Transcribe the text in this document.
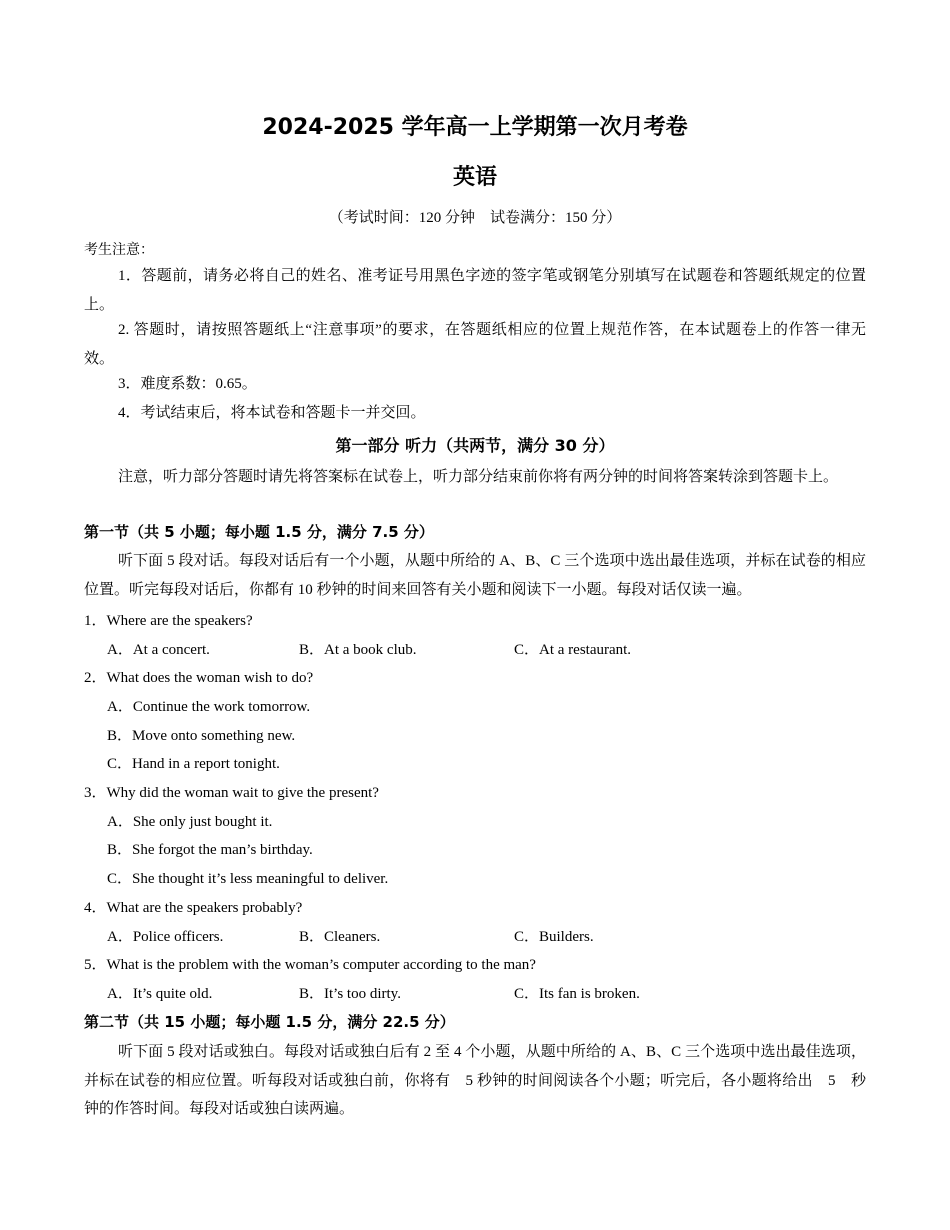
2024-2025 学年高一上学期第一次月考卷
英语
（考试时间：120 分钟　试卷满分：150 分）
考生注意：
1．答题前，请务必将自己的姓名、准考证号用黑色字迹的签字笔或钢笔分别填写在试题卷和答题纸规定的位置上。
2. 答题时，请按照答题纸上“注意事项”的要求，在答题纸相应的位置上规范作答，在本试题卷上的作答一律无效。
3．难度系数：0.65。
4．考试结束后，将本试卷和答题卡一并交回。
第一部分 听力（共两节，满分 30 分）
注意，听力部分答题时请先将答案标在试卷上，听力部分结束前你将有两分钟的时间将答案转涂到答题卡上。
第一节（共 5 小题；每小题 1.5 分，满分 7.5 分）
听下面 5 段对话。每段对话后有一个小题，从题中所给的 A、B、C 三个选项中选出最佳选项，并标在试卷的相应位置。听完每段对话后，你都有 10 秒钟的时间来回答有关小题和阅读下一小题。每段对话仅读一遍。
1．Where are the speakers?
A．At a concert.	B．At a book club.	C．At a restaurant.
2．What does the woman wish to do?
A．Continue the work tomorrow.
B．Move onto something new.
C．Hand in a report tonight.
3．Why did the woman wait to give the present?
A．She only just bought it.
B．She forgot the man’s birthday.
C．She thought it’s less meaningful to deliver.
4．What are the speakers probably?
A．Police officers.	B．Cleaners.	C．Builders.
5．What is the problem with the woman’s computer according to the man?
A．It’s quite old.	B．It’s too dirty.	C．Its fan is broken.
第二节（共 15 小题；每小题 1.5 分，满分 22.5 分）
听下面 5 段对话或独白。每段对话或独白后有 2 至 4 个小题，从题中所给的 A、B、C 三个选项中选出最佳选项，并标在试卷的相应位置。听每段对话或独白前，你将有　5 秒钟的时间阅读各个小题；听完后，各小题将给出　5　秒钟的作答时间。每段对话或独白读两遍。
